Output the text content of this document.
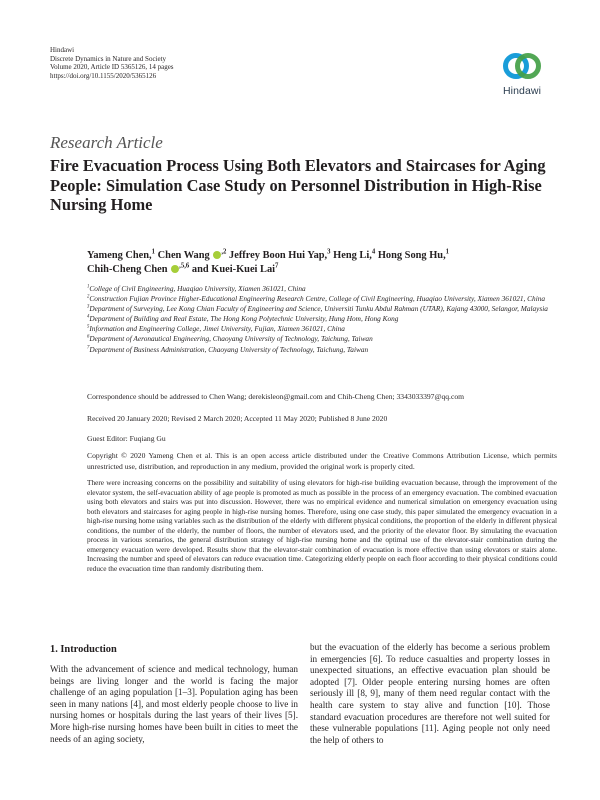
Hindawi
Discrete Dynamics in Nature and Society
Volume 2020, Article ID 5365126, 14 pages
https://doi.org/10.1155/2020/5365126
Hindawi
Research Article
Fire Evacuation Process Using Both Elevators and Staircases for Aging People: Simulation Case Study on Personnel Distribution in High-Rise Nursing Home
Yameng Chen,$^1$ Chen Wang $^{,2}$ Jeffrey Boon Hui Yap,$^3$ Heng Li,$^4$ Hong Song Hu,$^1$
Chih-Cheng Chen $^{,5,6}$ and Kuei-Kuei Lai$^7$
$^1$College of Civil Engineering, Huaqiao University, Xiamen 361021, China
$^2$Construction Fujian Province Higher-Educational Engineering Research Centre, College of Civil Engineering, Huaqiao University, Xiamen 361021, China
$^3$Department of Surveying, Lee Kong Chian Faculty of Engineering and Science, Universiti Tunku Abdul Rahman (UTAR), Kajang 43000, Selangor, Malaysia
$^4$Department of Building and Real Estate, The Hong Kong Polytechnic University, Hung Hom, Hong Kong
$^5$Information and Engineering College, Jimei University, Fujian, Xiamen 361021, China
$^6$Department of Aeronautical Engineering, Chaoyang University of Technology, Taichung, Taiwan
$^7$Department of Business Administration, Chaoyang University of Technology, Taichung, Taiwan
Correspondence should be addressed to Chen Wang; derekisleon@gmail.com and Chih-Cheng Chen; 3343033397@qq.com
Received 20 January 2020; Revised 2 March 2020; Accepted 11 May 2020; Published 8 June 2020
Guest Editor: Fuqiang Gu
Copyright © 2020 Yameng Chen et al. This is an open access article distributed under the Creative Commons Attribution License, which permits unrestricted use, distribution, and reproduction in any medium, provided the original work is properly cited.
There were increasing concerns on the possibility and suitability of using elevators for high-rise building evacuation because, through the improvement of the elevator system, the self-evacuation ability of age people is promoted as much as possible in the process of an emergency evacuation. The combined evacuation using both elevators and stairs was put into discussion. However, there was no empirical evidence and numerical simulation on emergency evacuation using both elevators and staircases for aging people in high-rise nursing homes. Therefore, using one case study, this paper simulated the emergency evacuation in a high-rise nursing home using variables such as the distribution of the elderly with different physical conditions, the proportion of the elderly in different physical conditions, the number of the elderly, the number of floors, the number of elevators used, and the priority of the elevator floor. By simulating the evacuation process in various scenarios, the general distribution strategy of high-rise nursing home and the optimal use of the elevator-stair combination during the emergency evacuation were developed. Results show that the elevator-stair combination of evacuation is more effective than using elevators or stairs alone. Increasing the number and speed of elevators can reduce evacuation time. Categorizing elderly people on each floor according to their physical conditions could reduce the evacuation time than randomly distributing them.
1. Introduction

With the advancement of science and medical technology, human beings are living longer and the world is facing the major challenge of an aging population [1–3]. Population aging has been seen in many nations [4], and most elderly people choose to live in nursing homes or hospitals during the last years of their lives [5]. More high-rise nursing homes have been built in cities to meet the needs of an aging society,

but the evacuation of the elderly has become a serious problem in emergencies [6]. To reduce casualties and property losses in unexpected situations, an effective evacuation plan should be adopted [7]. Older people entering nursing homes are often seriously ill [8, 9], many of them need regular contact with the health care system to stay alive and function [10]. Those standard evacuation procedures are therefore not well suited for these vulnerable populations [11]. Aging people not only need the help of others to
